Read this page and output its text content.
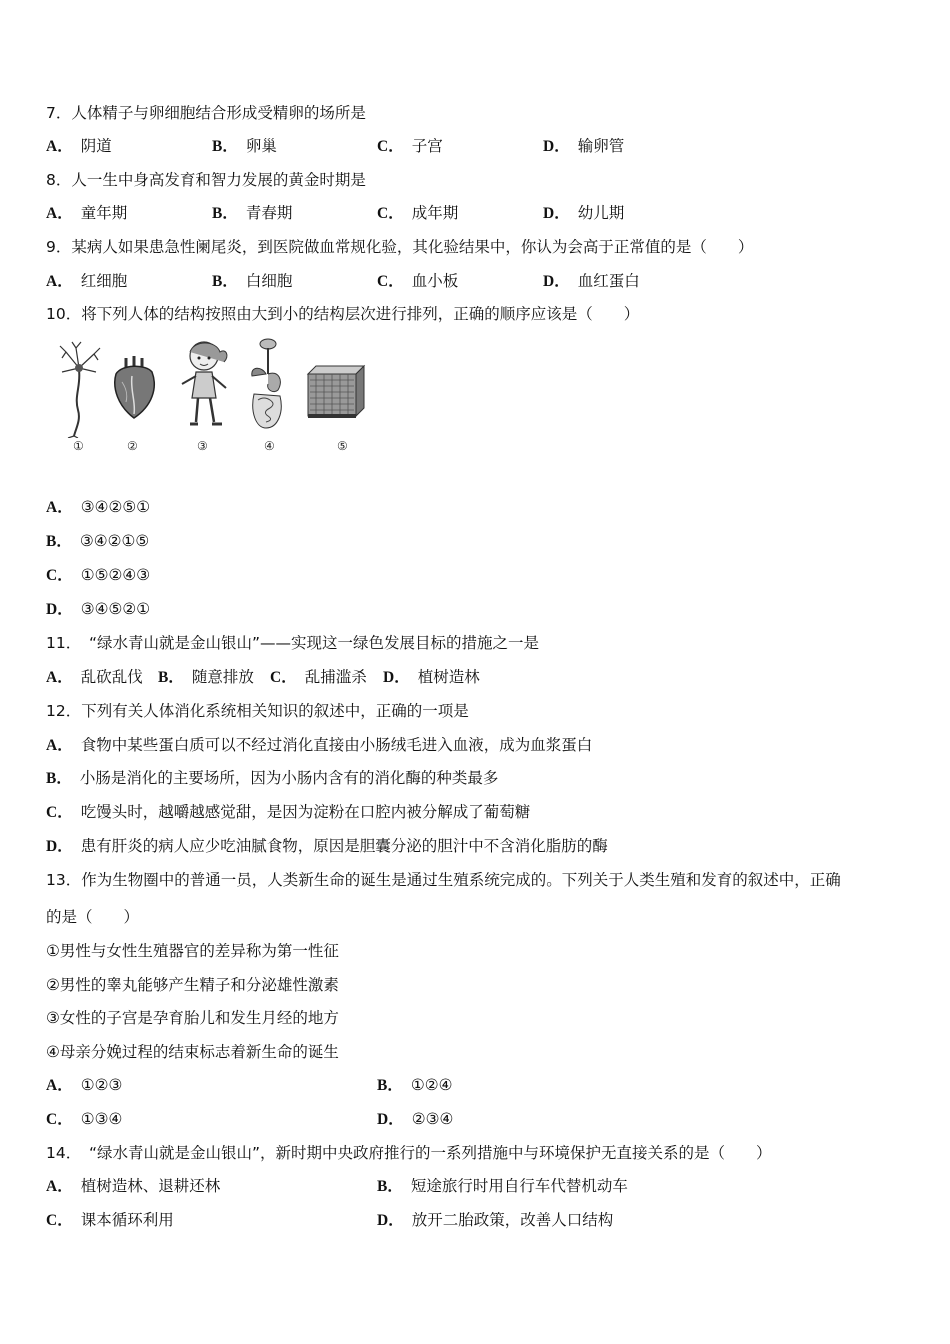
7．人体精子与卵细胞结合形成受精卵的场所是
A． 阴道	B． 卵巢	C． 子宫	D． 输卵管
8．人一生中身高发育和智力发展的黄金时期是
A． 童年期	B． 青春期	C． 成年期	D． 幼儿期
9．某病人如果患急性阑尾炎，到医院做血常规化验，其化验结果中，你认为会高于正常值的是（　　）
A． 红细胞	B． 白细胞	C． 血小板	D． 血红蛋白
10．将下列人体的结构按照由大到小的结构层次进行排列，正确的顺序应该是（　　）
①	②	③	④	⑤
A． ③④②⑤①
B． ③④②①⑤
C． ①⑤②④③
D． ③④⑤②①
11．　“绿水青山就是金山银山”——实现这一绿色发展目标的措施之一是
A． 乱砍乱伐 B． 随意排放 C． 乱捕滥杀 D． 植树造林
12．下列有关人体消化系统相关知识的叙述中，正确的一项是
A． 食物中某些蛋白质可以不经过消化直接由小肠绒毛进入血液，成为血浆蛋白
B． 小肠是消化的主要场所，因为小肠内含有的消化酶的种类最多
C． 吃馒头时，越嚼越感觉甜，是因为淀粉在口腔内被分解成了葡萄糖
D． 患有肝炎的病人应少吃油腻食物，原因是胆囊分泌的胆汁中不含消化脂肪的酶
13．作为生物圈中的普通一员，人类新生命的诞生是通过生殖系统完成的。下列关于人类生殖和发育的叙述中，正确
的是（　　）
①男性与女性生殖器官的差异称为第一性征
②男性的睾丸能够产生精子和分泌雄性激素
③女性的子宫是孕育胎儿和发生月经的地方
④母亲分娩过程的结束标志着新生命的诞生
A． ①②③	B． ①②④
C． ①③④	D． ②③④
14．　“绿水青山就是金山银山”，新时期中央政府推行的一系列措施中与环境保护无直接关系的是（　　）
A． 植树造林、退耕还林	B． 短途旅行时用自行车代替机动车
C． 课本循环利用	D． 放开二胎政策，改善人口结构
